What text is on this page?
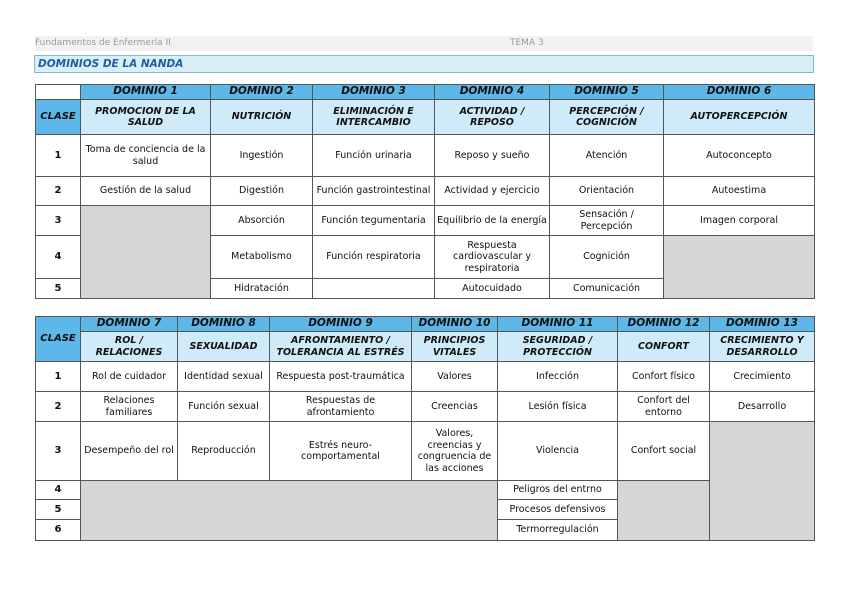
Fundamentos de Enfermería II	TEMA 3
DOMINIOS DE LA NANDA
	DOMINIO 1	DOMINIO 2	DOMINIO 3	DOMINIO 4	DOMINIO 5	DOMINIO 6
CLASE	PROMOCION DE LA SALUD	NUTRICIÓN	ELIMINACIÓN E INTERCAMBIO	ACTIVIDAD / REPOSO	PERCEPCIÓN / COGNICIÓN	AUTOPERCEPCIÓN
1	Toma de conciencia de la salud	Ingestión	Función urinaria	Reposo y sueño	Atención	Autoconcepto
2	Gestión de la salud	Digestión	Función gastrointestinal	Actividad y ejercicio	Orientación	Autoestima
3		Absorción	Función tegumentaria	Equilibrio de la energía	Sensación / Percepción	Imagen corporal
4		Metabolismo	Función respiratoria	Respuesta cardiovascular y respiratoria	Cognición	
5		Hidratación		Autocuidado	Comunicación	
CLASE	DOMINIO 7	DOMINIO 8	DOMINIO 9	DOMINIO 10	DOMINIO 11	DOMINIO 12	DOMINIO 13
	ROL / RELACIONES	SEXUALIDAD	AFRONTAMIENTO / TOLERANCIA AL ESTRÉS	PRINCIPIOS VITALES	SEGURIDAD / PROTECCIÓN	CONFORT	CRECIMIENTO Y DESARROLLO
1	Rol de cuidador	Identidad sexual	Respuesta post-traumática	Valores	Infección	Confort físico	Crecimiento
2	Relaciones familiares	Función sexual	Respuestas de afrontamiento	Creencias	Lesión física	Confort del entorno	Desarrollo
3	Desempeño del rol	Reproducción	Estrés neuro-comportamental	Valores, creencias y congruencia de las acciones	Violencia	Confort social	
4					Peligros del entrno		
5					Procesos defensivos		
6					Termorregulación		
